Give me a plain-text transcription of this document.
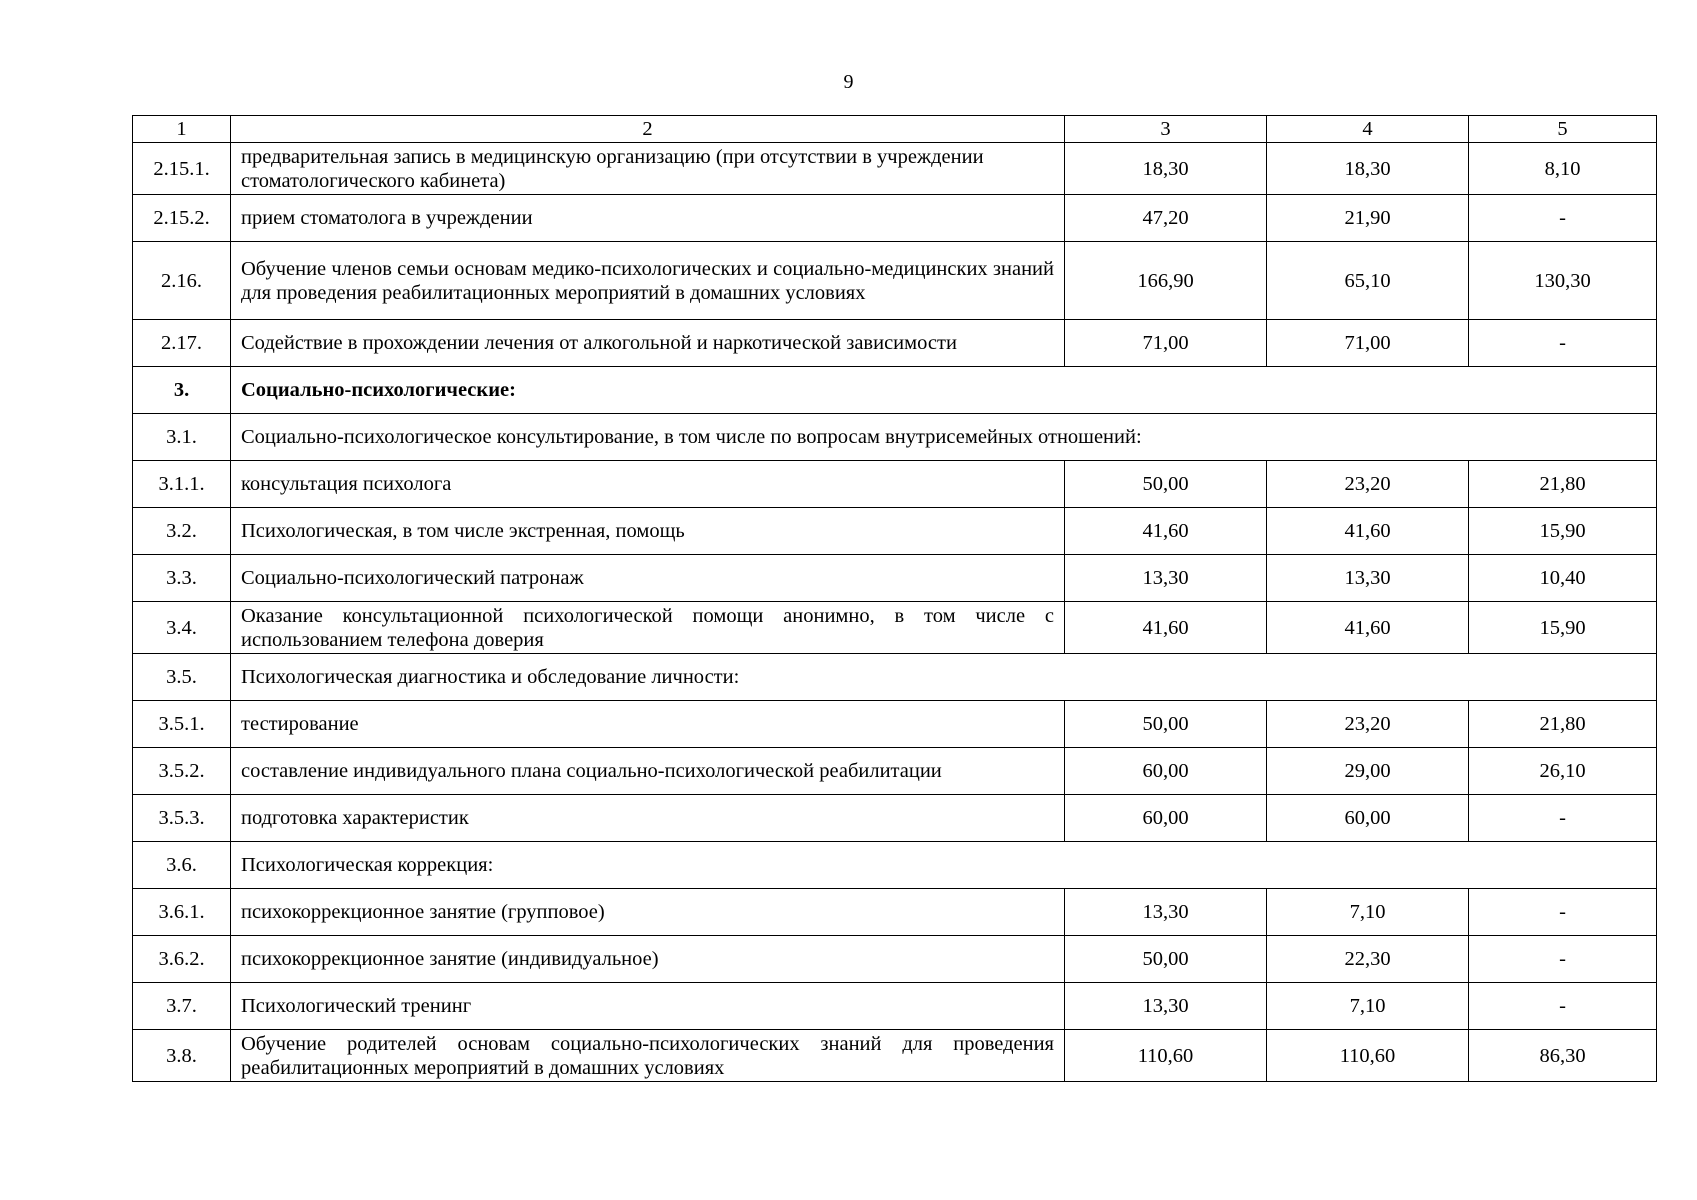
9
1	2	3	4	5
2.15.1.	предварительная запись в медицинскую организацию (при отсутствии в учреждении стоматологического кабинета)	18,30	18,30	8,10
2.15.2.	прием стоматолога в учреждении	47,20	21,90	-
2.16.	Обучение членов семьи основам медико-психологических и социально-медицинских знаний для проведения реабилитационных мероприятий в домашних условиях	166,90	65,10	130,30
2.17.	Содействие в прохождении лечения от алкогольной и наркотической зависимости	71,00	71,00	-
3.	Социально-психологические:			
3.1.	Социально-психологическое консультирование, в том числе по вопросам внутрисемейных отношений:			
3.1.1.	консультация психолога	50,00	23,20	21,80
3.2.	Психологическая, в том числе экстренная, помощь	41,60	41,60	15,90
3.3.	Социально-психологический патронаж	13,30	13,30	10,40
3.4.	Оказание консультационной психологической помощи анонимно, в том числе с использованием телефона доверия	41,60	41,60	15,90
3.5.	Психологическая диагностика и обследование личности:			
3.5.1.	тестирование	50,00	23,20	21,80
3.5.2.	составление индивидуального плана социально-психологической реабилитации	60,00	29,00	26,10
3.5.3.	подготовка характеристик	60,00	60,00	-
3.6.	Психологическая коррекция:			
3.6.1.	психокоррекционное занятие (групповое)	13,30	7,10	-
3.6.2.	психокоррекционное занятие (индивидуальное)	50,00	22,30	-
3.7.	Психологический тренинг	13,30	7,10	-
3.8.	Обучение родителей основам социально-психологических знаний для проведения реабилитационных мероприятий в домашних условиях	110,60	110,60	86,30
